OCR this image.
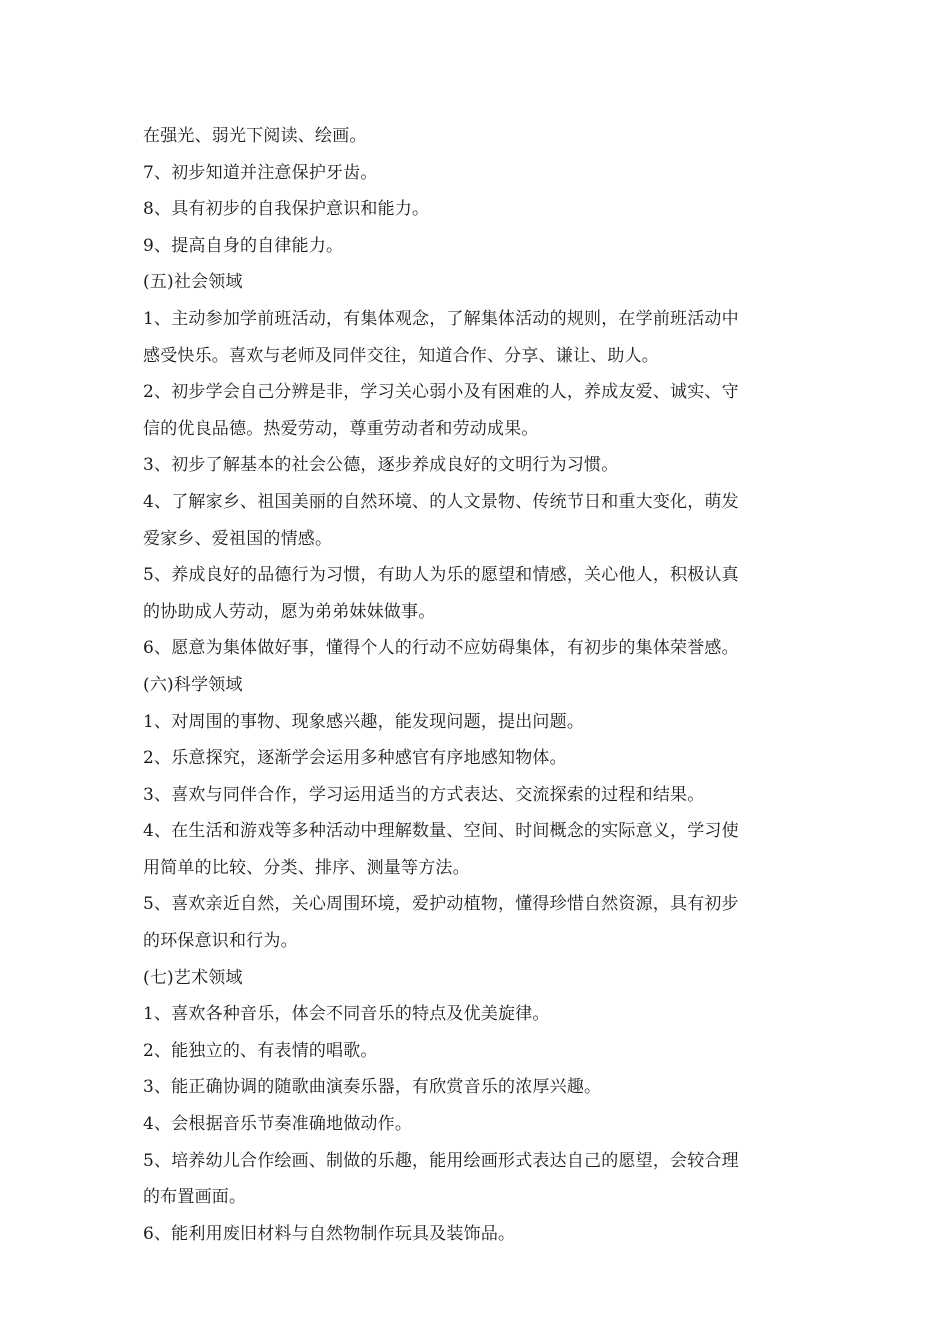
在强光、弱光下阅读、绘画。
7、初步知道并注意保护牙齿。
8、具有初步的自我保护意识和能力。
9、提高自身的自律能力。
(五)社会领域
1、主动参加学前班活动，有集体观念，了解集体活动的规则，在学前班活动中
感受快乐。喜欢与老师及同伴交往，知道合作、分享、谦让、助人。
2、初步学会自己分辨是非，学习关心弱小及有困难的人，养成友爱、诚实、守
信的优良品德。热爱劳动，尊重劳动者和劳动成果。
3、初步了解基本的社会公德，逐步养成良好的文明行为习惯。
4、了解家乡、祖国美丽的自然环境、的人文景物、传统节日和重大变化，萌发
爱家乡、爱祖国的情感。
5、养成良好的品德行为习惯，有助人为乐的愿望和情感，关心他人，积极认真
的协助成人劳动，愿为弟弟妹妹做事。
6、愿意为集体做好事，懂得个人的行动不应妨碍集体，有初步的集体荣誉感。
(六)科学领域
1、对周围的事物、现象感兴趣，能发现问题，提出问题。
2、乐意探究，逐渐学会运用多种感官有序地感知物体。
3、喜欢与同伴合作，学习运用适当的方式表达、交流探索的过程和结果。
4、在生活和游戏等多种活动中理解数量、空间、时间概念的实际意义，学习使
用简单的比较、分类、排序、测量等方法。
5、喜欢亲近自然，关心周围环境，爱护动植物，懂得珍惜自然资源，具有初步
的环保意识和行为。
(七)艺术领域
1、喜欢各种音乐，体会不同音乐的特点及优美旋律。
2、能独立的、有表情的唱歌。
3、能正确协调的随歌曲演奏乐器，有欣赏音乐的浓厚兴趣。
4、会根据音乐节奏准确地做动作。
5、培养幼儿合作绘画、制做的乐趣，能用绘画形式表达自己的愿望，会较合理
的布置画面。
6、能利用废旧材料与自然物制作玩具及装饰品。
